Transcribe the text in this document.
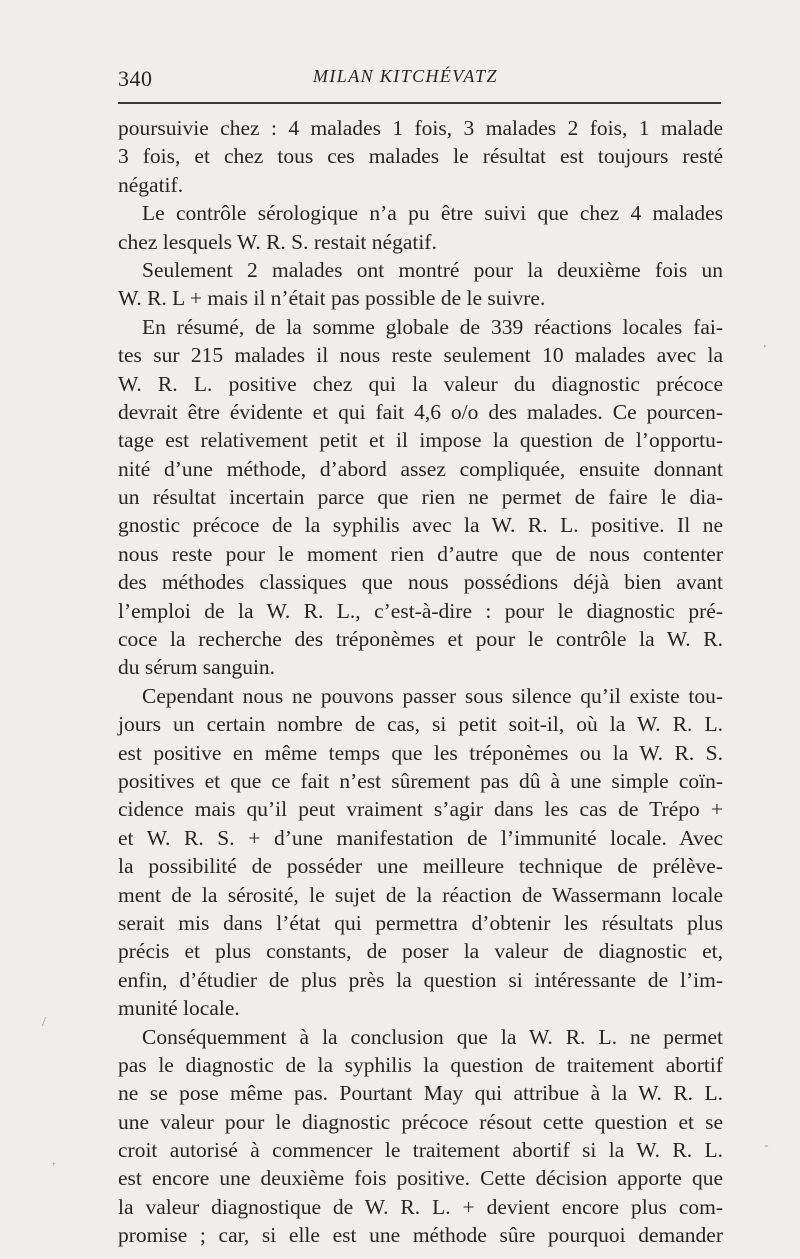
340	MILAN KITCHÉVATZ
poursuivie chez : 4 malades 1 fois, 3 malades 2 fois, 1 malade
3 fois, et chez tous ces malades le résultat est toujours resté
négatif.
Le contrôle sérologique n’a pu être suivi que chez 4 malades
chez lesquels W. R. S. restait négatif.
Seulement 2 malades ont montré pour la deuxième fois un
W. R. L + mais il n’était pas possible de le suivre.
En résumé, de la somme globale de 339 réactions locales fai-
tes sur 215 malades il nous reste seulement 10 malades avec la
W. R. L. positive chez qui la valeur du diagnostic précoce
devrait être évidente et qui fait 4,6 o/o des malades. Ce pourcen-
tage est relativement petit et il impose la question de l’opportu-
nité d’une méthode, d’abord assez compliquée, ensuite donnant
un résultat incertain parce que rien ne permet de faire le dia-
gnostic précoce de la syphilis avec la W. R. L. positive. Il ne
nous reste pour le moment rien d’autre que de nous contenter
des méthodes classiques que nous possédions déjà bien avant
l’emploi de la W. R. L., c’est-à-dire : pour le diagnostic pré-
coce la recherche des tréponèmes et pour le contrôle la W. R.
du sérum sanguin.
Cependant nous ne pouvons passer sous silence qu’il existe tou-
jours un certain nombre de cas, si petit soit-il, où la W. R. L.
est positive en même temps que les tréponèmes ou la W. R. S.
positives et que ce fait n’est sûrement pas dû à une simple coïn-
cidence mais qu’il peut vraiment s’agir dans les cas de Trépo +
et W. R. S. + d’une manifestation de l’immunité locale. Avec
la possibilité de posséder une meilleure technique de prélève-
ment de la sérosité, le sujet de la réaction de Wassermann locale
serait mis dans l’état qui permettra d’obtenir les résultats plus
précis et plus constants, de poser la valeur de diagnostic et,
enfin, d’étudier de plus près la question si intéressante de l’im-
munité locale.
Conséquemment à la conclusion que la W. R. L. ne permet
pas le diagnostic de la syphilis la question de traitement abortif
ne se pose même pas. Pourtant May qui attribue à la W. R. L.
une valeur pour le diagnostic précoce résout cette question et se
croit autorisé à commencer le traitement abortif si la W. R. L.
est encore une deuxième fois positive. Cette décision apporte que
la valeur diagnostique de W. R. L. + devient encore plus com-
promise ; car, si elle est une méthode sûre pourquoi demander
.
/
,
-
